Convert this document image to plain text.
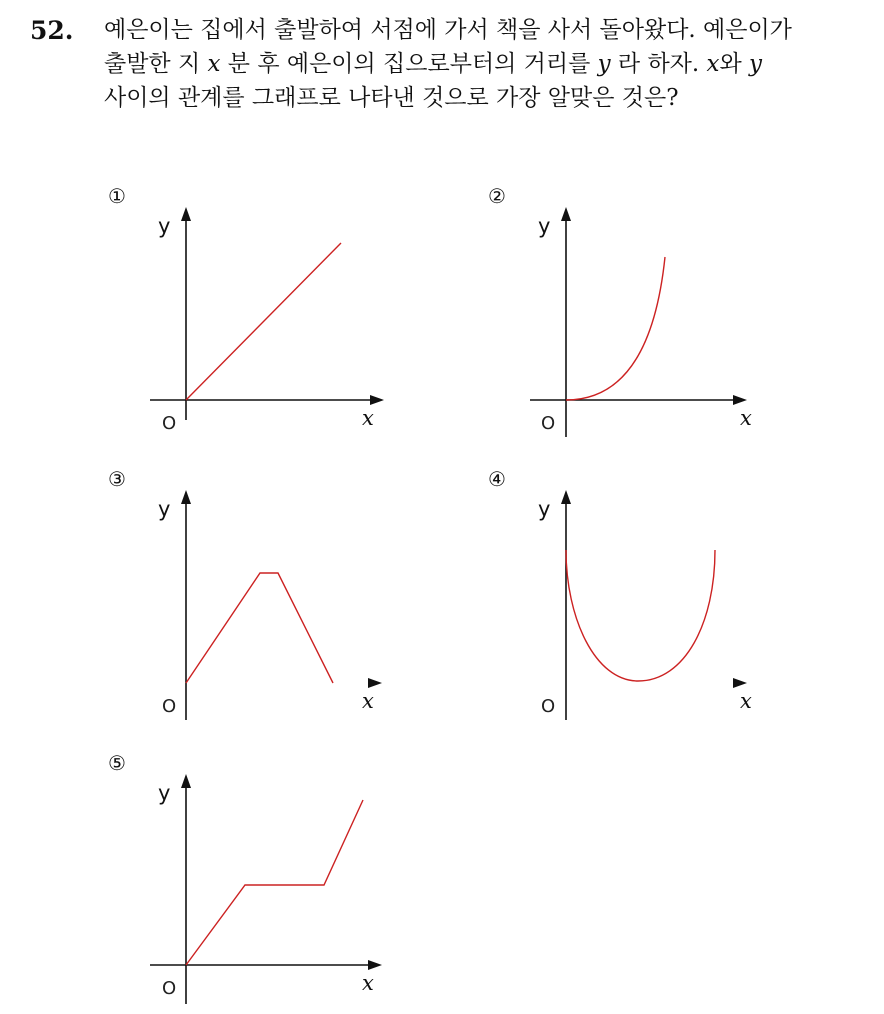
52. 예은이는 집에서 출발하여 서점에 가서 책을 사서 돌아왔다. 예은이가
출발한 지 x 분 후 예은이의 집으로부터의 거리를 y 라 하자. x와 y
사이의 관계를 그래프로 나타낸 것으로 가장 알맞은 것은?
①
y
x
O
②
y
x
O
③
y
x
O
④
y
x
O
⑤
y
x
O
